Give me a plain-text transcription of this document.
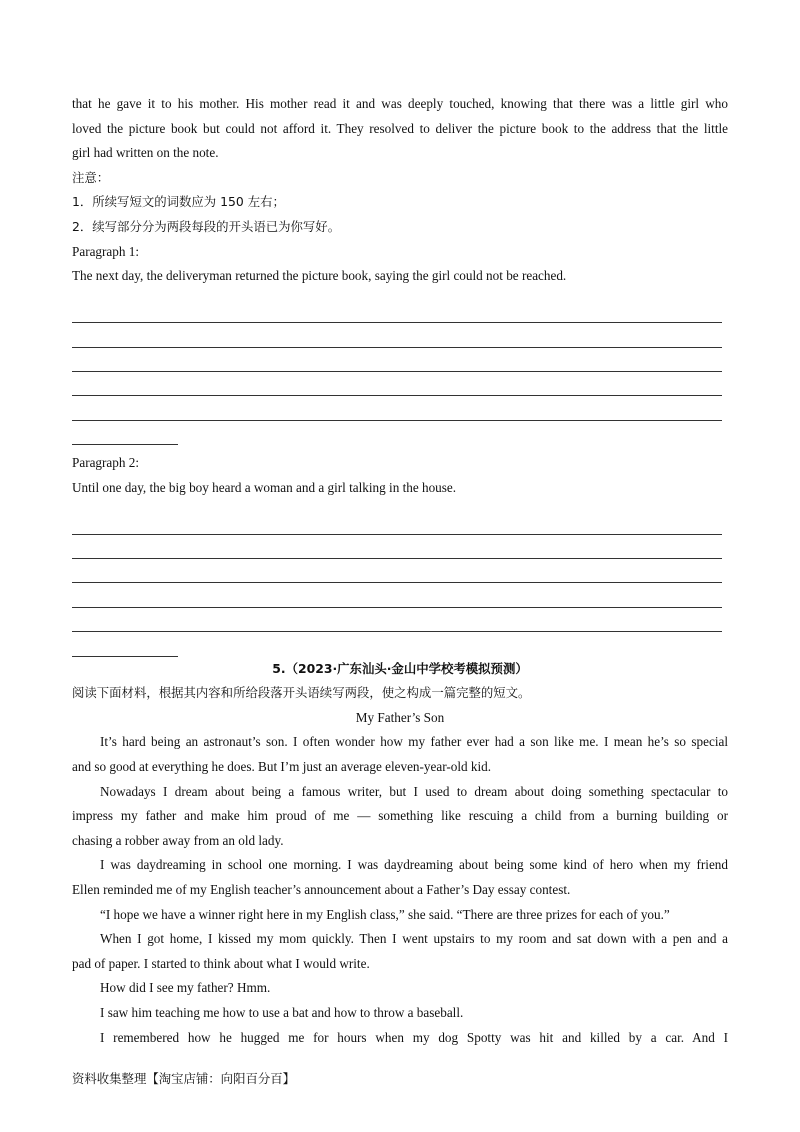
that he gave it to his mother. His mother read it and was deeply touched, knowing that there was a little girl who
loved the picture book but could not afford it. They resolved to deliver the picture book to the address that the little
girl had written on the note.
注意：
1．所续写短文的词数应为 150 左右；
2．续写部分分为两段每段的开头语已为你写好。
Paragraph 1:
The next day, the deliveryman returned the picture book, saying the girl could not be reached.
Paragraph 2:
Until one day, the big boy heard a woman and a girl talking in the house.
5.（2023·广东汕头·金山中学校考模拟预测）
阅读下面材料，根据其内容和所给段落开头语续写两段，使之构成一篇完整的短文。
My Father’s Son
It’s hard being an astronaut’s son. I often wonder how my father ever had a son like me. I mean he’s so special
and so good at everything he does. But I’m just an average eleven-year-old kid.
Nowadays I dream about being a famous writer, but I used to dream about doing something spectacular to
impress my father and make him proud of me — something like rescuing a child from a burning building or
chasing a robber away from an old lady.
I was daydreaming in school one morning. I was daydreaming about being some kind of hero when my friend
Ellen reminded me of my English teacher’s announcement about a Father’s Day essay contest.
“I hope we have a winner right here in my English class,” she said. “There are three prizes for each of you.”
When I got home, I kissed my mom quickly. Then I went upstairs to my room and sat down with a pen and a
pad of paper. I started to think about what I would write.
How did I see my father? Hmm.
I saw him teaching me how to use a bat and how to throw a baseball.
I remembered how he hugged me for hours when my dog Spotty was hit and killed by a car. And I
资料收集整理【淘宝店铺：向阳百分百】
